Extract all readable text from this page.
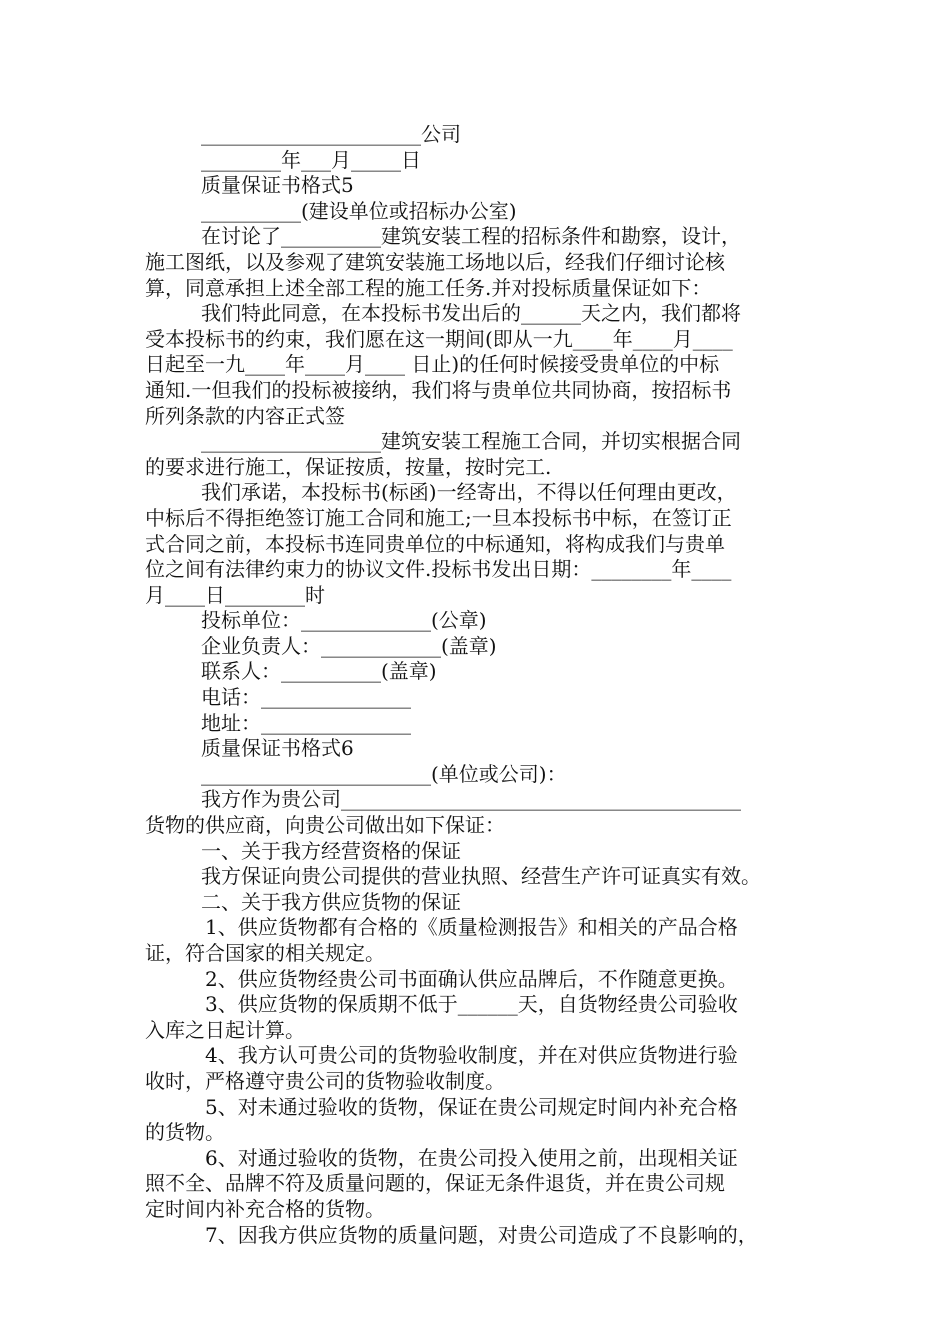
______________________公司
________年___月_____日
质量保证书格式5
__________(建设单位或招标办公室)
在讨论了__________建筑安装工程的招标条件和勘察，设计，
施工图纸，以及参观了建筑安装施工场地以后，经我们仔细讨论核
算，同意承担上述全部工程的施工任务.并对投标质量保证如下：
我们特此同意，在本投标书发出后的______天之内，我们都将
受本投标书的约束，我们愿在这一期间(即从一九____年____月____
日起至一九____年____月____ 日止)的任何时候接受贵单位的中标
通知.一但我们的投标被接纳，我们将与贵单位共同协商，按招标书
所列条款的内容正式签
__________________建筑安装工程施工合同，并切实根据合同
的要求进行施工，保证按质，按量，按时完工.
我们承诺，本投标书(标函)一经寄出，不得以任何理由更改，
中标后不得拒绝签订施工合同和施工;一旦本投标书中标，在签订正
式合同之前，本投标书连同贵单位的中标通知，将构成我们与贵单
位之间有法律约束力的协议文件.投标书发出日期：________年____
月____日________时
投标单位：_____________(公章)
企业负责人：____________(盖章)
联系人：__________(盖章)
电话：_______________
地址：_______________
质量保证书格式6
_______________________(单位或公司)：
我方作为贵公司________________________________________
货物的供应商，向贵公司做出如下保证：
一、关于我方经营资格的保证
我方保证向贵公司提供的营业执照、经营生产许可证真实有效。
二、关于我方供应货物的保证
1、供应货物都有合格的《质量检测报告》和相关的产品合格
证，符合国家的相关规定。
2、供应货物经贵公司书面确认供应品牌后，不作随意更换。
3、供应货物的保质期不低于______天，自货物经贵公司验收
入库之日起计算。
4、我方认可贵公司的货物验收制度，并在对供应货物进行验
收时，严格遵守贵公司的货物验收制度。
5、对未通过验收的货物，保证在贵公司规定时间内补充合格
的货物。
6、对通过验收的货物，在贵公司投入使用之前，出现相关证
照不全、品牌不符及质量问题的，保证无条件退货，并在贵公司规
定时间内补充合格的货物。
7、因我方供应货物的质量问题，对贵公司造成了不良影响的，
